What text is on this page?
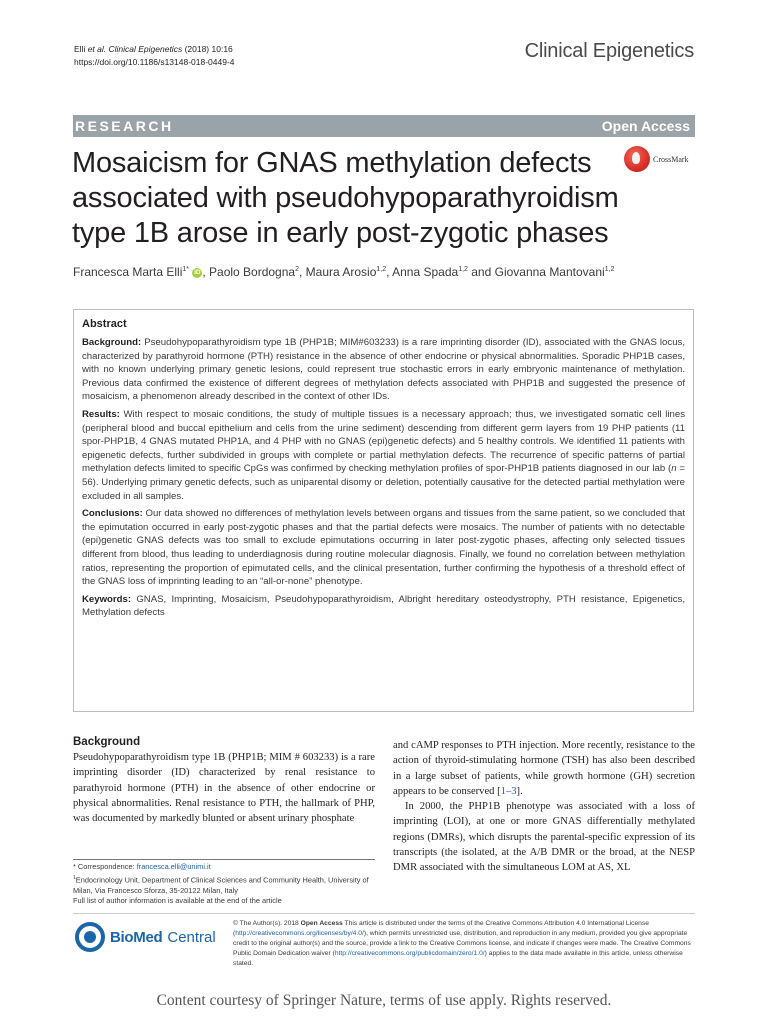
Elli et al. Clinical Epigenetics (2018) 10:16
https://doi.org/10.1186/s13148-018-0449-4	Clinical Epigenetics
RESEARCH	Open Access
Mosaicism for GNAS methylation defects associated with pseudohypoparathyroidism type 1B arose in early post-zygotic phases
CrossMark
Francesca Marta Elli$^{1*}$ iD , Paolo Bordogna$^2$, Maura Arosio$^{1,2}$, Anna Spada$^{1,2}$ and Giovanna Mantovani$^{1,2}$
Abstract

Background: Pseudohypoparathyroidism type 1B (PHP1B; MIM#603233) is a rare imprinting disorder (ID), associated with the GNAS locus, characterized by parathyroid hormone (PTH) resistance in the absence of other endocrine or physical abnormalities. Sporadic PHP1B cases, with no known underlying primary genetic lesions, could represent true stochastic errors in early embryonic maintenance of methylation. Previous data confirmed the existence of different degrees of methylation defects associated with PHP1B and suggested the presence of mosaicism, a phenomenon already described in the context of other IDs.

Results: With respect to mosaic conditions, the study of multiple tissues is a necessary approach; thus, we investigated somatic cell lines (peripheral blood and buccal epithelium and cells from the urine sediment) descending from different germ layers from 19 PHP patients (11 spor-PHP1B, 4 GNAS mutated PHP1A, and 4 PHP with no GNAS (epi)genetic defects) and 5 healthy controls. We identified 11 patients with epigenetic defects, further subdivided in groups with complete or partial methylation defects. The recurrence of specific patterns of partial methylation defects limited to specific CpGs was confirmed by checking methylation profiles of spor-PHP1B patients diagnosed in our lab (n = 56). Underlying primary genetic defects, such as uniparental disomy or deletion, potentially causative for the detected partial methylation were excluded in all samples.

Conclusions: Our data showed no differences of methylation levels between organs and tissues from the same patient, so we concluded that the epimutation occurred in early post-zygotic phases and that the partial defects were mosaics. The number of patients with no detectable (epi)genetic GNAS defects was too small to exclude epimutations occurring in later post-zygotic phases, affecting only selected tissues different from blood, thus leading to underdiagnosis during routine molecular diagnosis. Finally, we found no correlation between methylation ratios, representing the proportion of epimutated cells, and the clinical presentation, further confirming the hypothesis of a threshold effect of the GNAS loss of imprinting leading to an “all-or-none” phenotype.

Keywords: GNAS, Imprinting, Mosaicism, Pseudohypoparathyroidism, Albright hereditary osteodystrophy, PTH resistance, Epigenetics, Methylation defects

Background

Pseudohypoparathyroidism type 1B (PHP1B; MIM # 603233) is a rare imprinting disorder (ID) characterized by renal resistance to parathyroid hormone (PTH) in the absence of other endocrine or physical abnormalities. Renal resistance to PTH, the hallmark of PHP, was documented by markedly blunted or absent urinary phosphate

and cAMP responses to PTH injection. More recently, resistance to the action of thyroid-stimulating hormone (TSH) has also been described in a large subset of patients, while growth hormone (GH) secretion appears to be conserved [1–3].

In 2000, the PHP1B phenotype was associated with a loss of imprinting (LOI), at one or more GNAS differentially methylated regions (DMRs), which disrupts the parental-specific expression of its transcripts (the isolated, at the A/B DMR or the broad, at the NESP DMR associated with the simultaneous LOM at AS, XL

* Correspondence: francesca.elli@unimi.it
$^1$Endocrinology Unit, Department of Clinical Sciences and Community Health, University of Milan, Via Francesco Sforza, 35-20122 Milan, Italy
Full list of author information is available at the end of the article
BioMed Central
© The Author(s). 2018 Open Access This article is distributed under the terms of the Creative Commons Attribution 4.0 International License (http://creativecommons.org/licenses/by/4.0/), which permits unrestricted use, distribution, and reproduction in any medium, provided you give appropriate credit to the original author(s) and the source, provide a link to the Creative Commons license, and indicate if changes were made. The Creative Commons Public Domain Dedication waiver (http://creativecommons.org/publicdomain/zero/1.0/) applies to the data made available in this article, unless otherwise stated.
Content courtesy of Springer Nature, terms of use apply. Rights reserved.
